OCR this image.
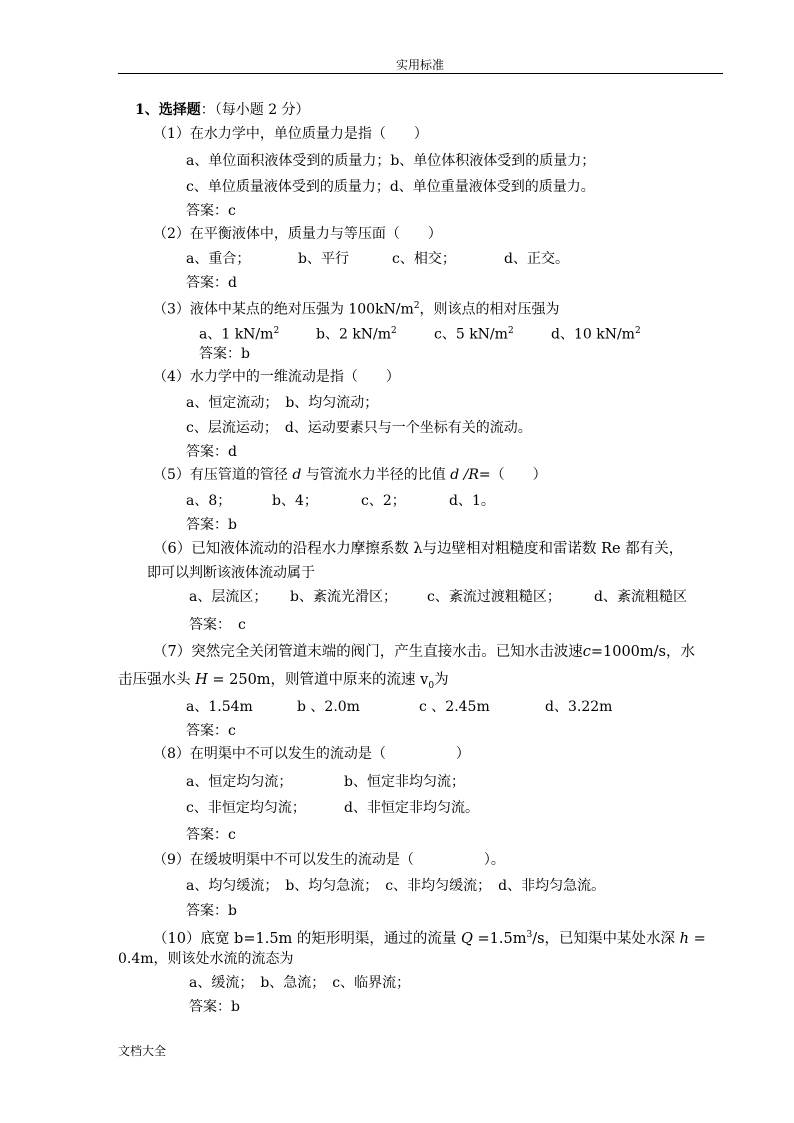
实用标准
1、选择题：（每小题 2 分）
（1）在水力学中，单位质量力是指（　　）
a、单位面积液体受到的质量力；b、单位体积液体受到的质量力；
c、单位质量液体受到的质量力；d、单位重量液体受到的质量力。
答案：c
（2）在平衡液体中，质量力与等压面（　　）
a、重合；	b、平行	c、相交；	d、正交。
答案：d
（3）液体中某点的绝对压强为 $100kN/m^2$，则该点的相对压强为
a、1 $kN/m^2$	b、2 $kN/m^2$	c、5 $kN/m^2$	d、10 $kN/m^2$
答案：b
（4）水力学中的一维流动是指（　　）
a、恒定流动；　b、均匀流动；
c、层流运动；　d、运动要素只与一个坐标有关的流动。
答案：d
（5）有压管道的管径 d 与管流水力半径的比值 d /R=（　　）
a、8；	b、4；	c、2；	d、1。
答案：b
（6）已知液体流动的沿程水力摩擦系数 λ与边壁相对粗糙度和雷诺数 Re 都有关，
即可以判断该液体流动属于
a、层流区； b、紊流光滑区； c、紊流过渡粗糙区； d、紊流粗糙区
答案：　c
（7）突然完全关闭管道末端的阀门，产生直接水击。已知水击波速c=1000m/s，水
击压强水头 H = 250m，则管道中原来的流速 $v_0$为
a、1.54m	b 、2.0m	c 、2.45m	d、3.22m
答案：c
（8）在明渠中不可以发生的流动是（　　　　　）
a、恒定均匀流；	b、恒定非均匀流；
c、非恒定均匀流；	d、非恒定非均匀流。
答案：c
（9）在缓坡明渠中不可以发生的流动是（　　　　　）。
a、均匀缓流；　b、均匀急流；　c、非均匀缓流；　d、非均匀急流。
答案：b
（10）底宽 b=1.5m 的矩形明渠，通过的流量 $Q =1.5m^3/s$，已知渠中某处水深 h =
0.4m，则该处水流的流态为
a、缓流；　b、急流；　c、临界流；
答案：b
文档大全
